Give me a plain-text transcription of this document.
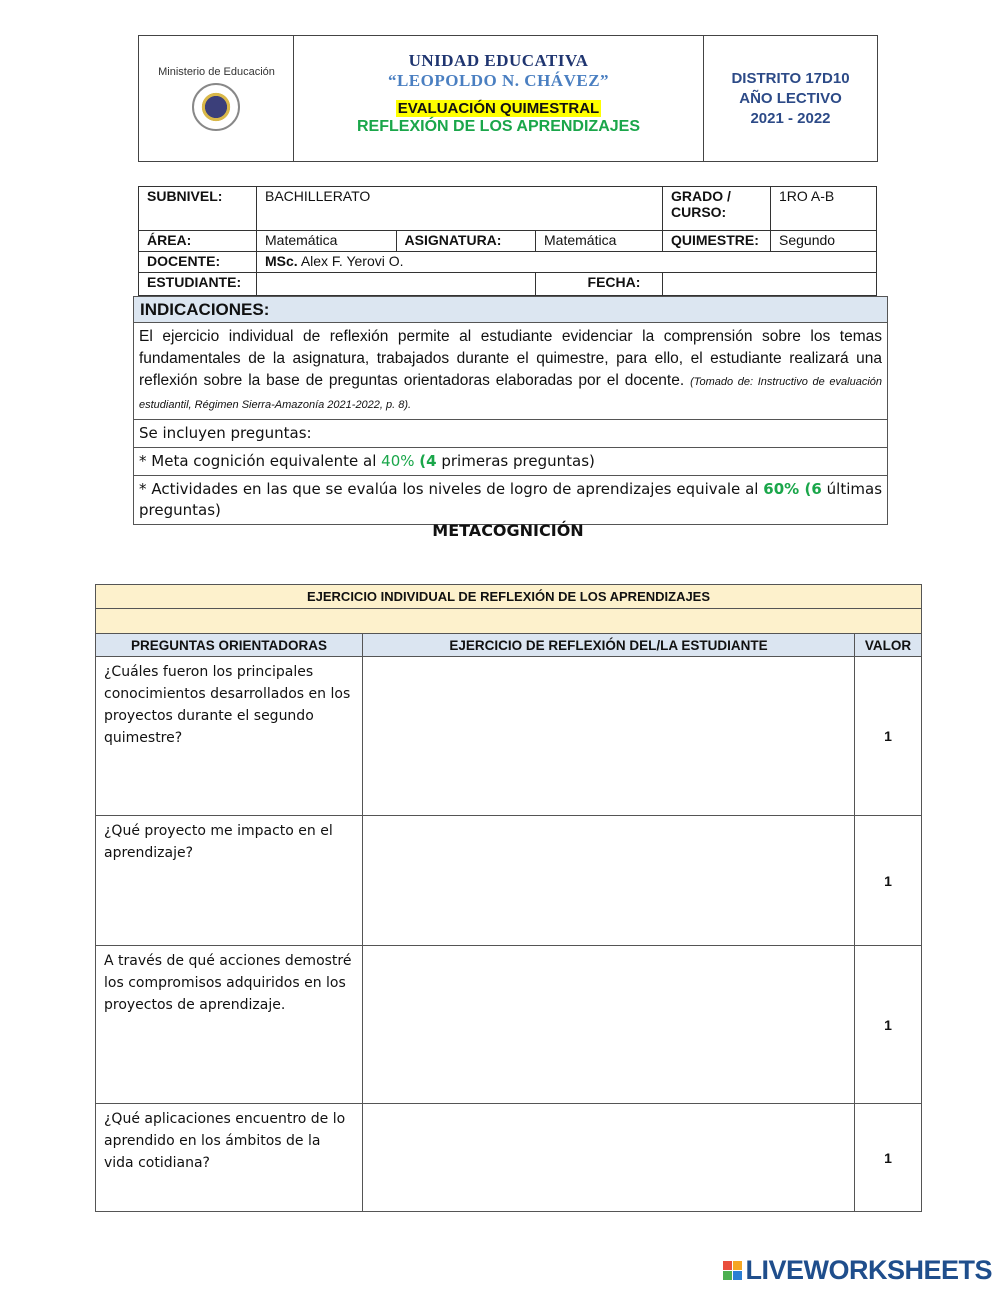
Ministerio de Educación
UNIDAD EDUCATIVA
“LEOPOLDO N. CHÁVEZ”
EVALUACIÓN QUIMESTRAL
REFLEXIÓN DE LOS APRENDIZAJES
DISTRITO 17D10
AÑO LECTIVO
2021 - 2022
SUBNIVEL:	BACHILLERATO			GRADO / CURSO:	1RO A-B
ÁREA:	Matemática	ASIGNATURA:	Matemática	QUIMESTRE:	Segundo
DOCENTE:	MSc. Alex F. Yerovi O.				
ESTUDIANTE:			FECHA:		
INDICACIONES:
El ejercicio individual de reflexión permite al estudiante evidenciar la comprensión sobre los temas fundamentales de la asignatura, trabajados durante el quimestre, para ello, el estudiante realizará una reflexión sobre la base de preguntas orientadoras elaboradas por el docente. (Tomado de: Instructivo de evaluación estudiantil, Régimen Sierra-Amazonía 2021-2022, p. 8).
Se incluyen preguntas:
* Meta cognición equivalente al 40% (4 primeras preguntas)
* Actividades en las que se evalúa los niveles de logro de aprendizajes equivale al 60% (6 últimas preguntas)
METACOGNICIÓN
EJERCICIO INDIVIDUAL DE REFLEXIÓN DE LOS APRENDIZAJES		

PREGUNTAS ORIENTADORAS	EJERCICIO DE REFLEXIÓN DEL/LA ESTUDIANTE	VALOR
¿Cuáles fueron los principales conocimientos desarrollados en los proyectos durante el segundo quimestre?		1
¿Qué proyecto me impacto en el aprendizaje?		1
A través de qué acciones demostré los compromisos adquiridos en los proyectos de aprendizaje.		1
¿Qué aplicaciones encuentro de lo aprendido en los ámbitos de la vida cotidiana?		1
LIVEWORKSHEETS
